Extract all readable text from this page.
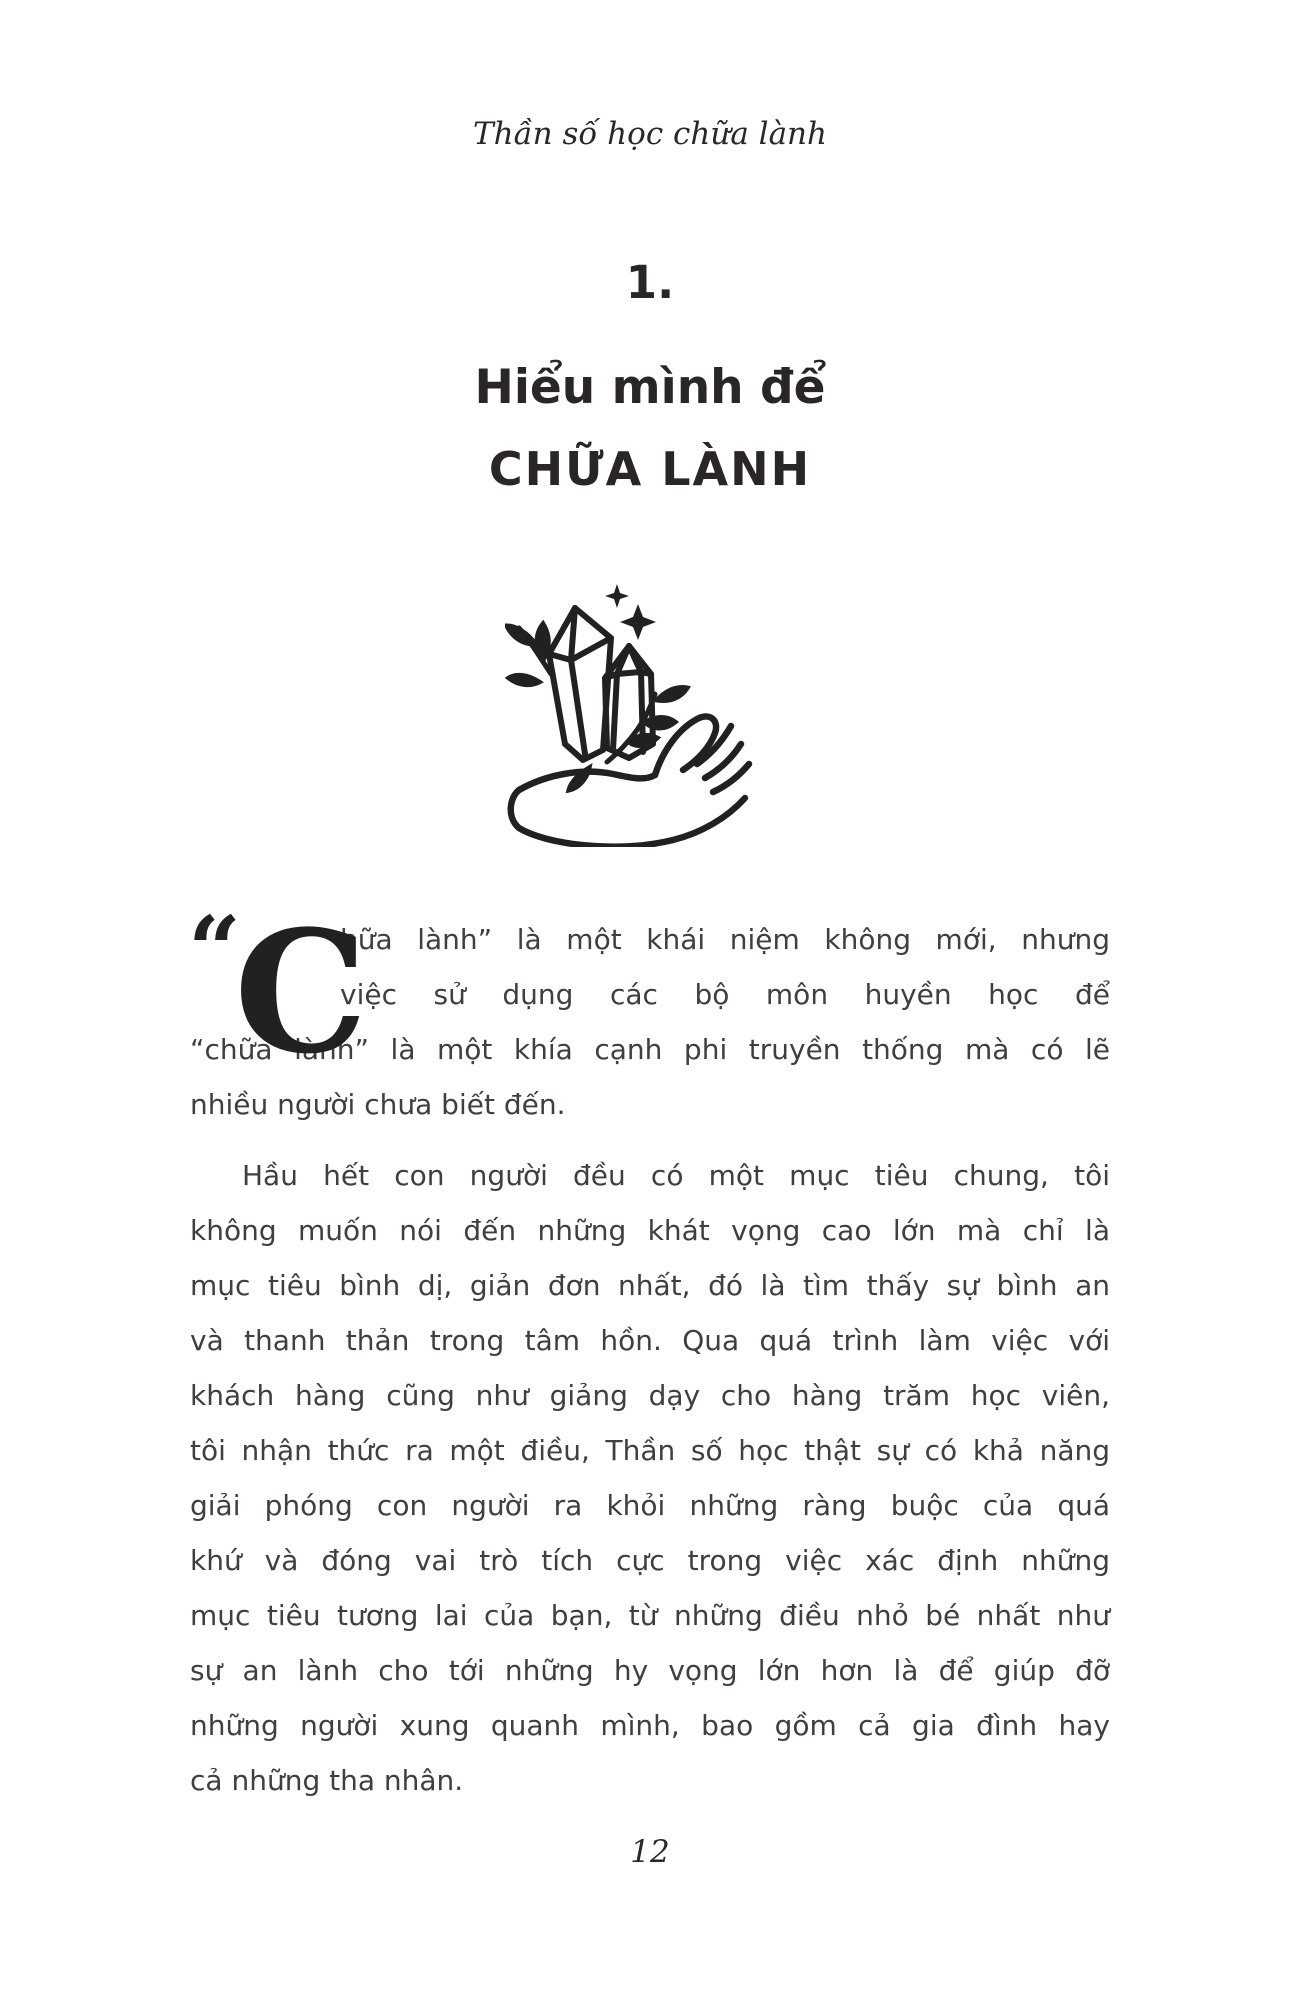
Thần số học chữa lành
1.
Hiểu mình để
CHỮA LÀNH
“
C
hữa lành” là một khái niệm không mới, nhưng
việc sử dụng các bộ môn huyền học để
“chữa lành” là một khía cạnh phi truyền thống mà có lẽ
nhiều người chưa biết đến.
Hầu hết con người đều có một mục tiêu chung, tôi
không muốn nói đến những khát vọng cao lớn mà chỉ là
mục tiêu bình dị, giản đơn nhất, đó là tìm thấy sự bình an
và thanh thản trong tâm hồn. Qua quá trình làm việc với
khách hàng cũng như giảng dạy cho hàng trăm học viên,
tôi nhận thức ra một điều, Thần số học thật sự có khả năng
giải phóng con người ra khỏi những ràng buộc của quá
khứ và đóng vai trò tích cực trong việc xác định những
mục tiêu tương lai của bạn, từ những điều nhỏ bé nhất như
sự an lành cho tới những hy vọng lớn hơn là để giúp đỡ
những người xung quanh mình, bao gồm cả gia đình hay
cả những tha nhân.
12
